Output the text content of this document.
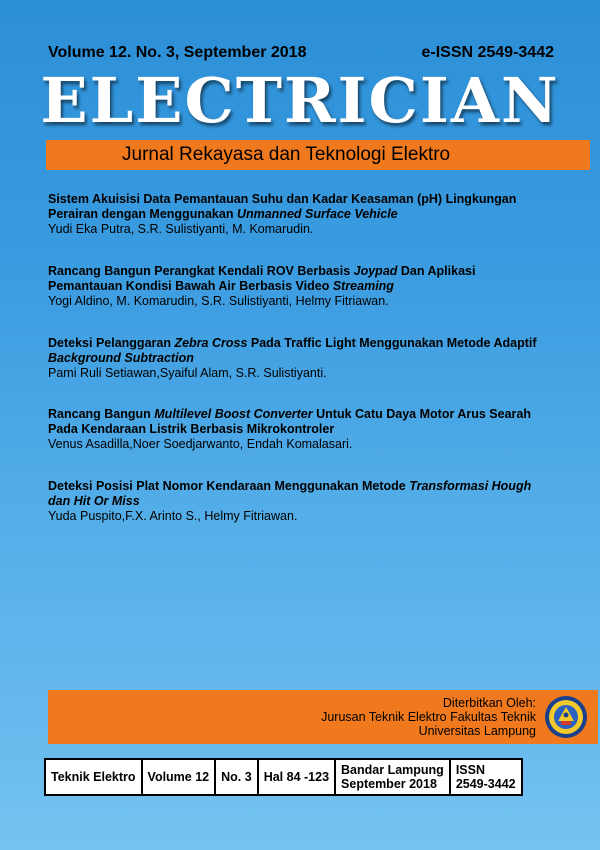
Volume 12. No. 3, September 2018	e-ISSN 2549-3442
ELECTRICIAN
Jurnal Rekayasa dan Teknologi Elektro
Sistem Akuisisi Data Pemantauan Suhu dan Kadar Keasaman (pH) Lingkungan Perairan dengan Menggunakan Unmanned Surface Vehicle
Yudi Eka Putra, S.R. Sulistiyanti, M. Komarudin.
Rancang Bangun Perangkat Kendali ROV Berbasis Joypad Dan Aplikasi Pemantauan Kondisi Bawah Air Berbasis Video Streaming
Yogi Aldino, M. Komarudin, S.R. Sulistiyanti, Helmy Fitriawan.
Deteksi Pelanggaran Zebra Cross Pada Traffic Light Menggunakan Metode Adaptif Background Subtraction
Pami Ruli Setiawan,Syaiful Alam, S.R. Sulistiyanti.
Rancang Bangun Multilevel Boost Converter Untuk Catu Daya Motor Arus Searah Pada Kendaraan Listrik Berbasis Mikrokontroler
Venus Asadilla,Noer Soedjarwanto, Endah Komalasari.
Deteksi Posisi Plat Nomor Kendaraan Menggunakan Metode Transformasi Hough dan Hit Or Miss
Yuda Puspito,F.X. Arinto S., Helmy Fitriawan.
Diterbitkan Oleh:
Jurusan Teknik Elektro Fakultas Teknik
Universitas Lampung
Teknik Elektro Volume 12 No. 3 Hal 84 -123 Bandar Lampung
September 2018
ISSN
2549-3442
